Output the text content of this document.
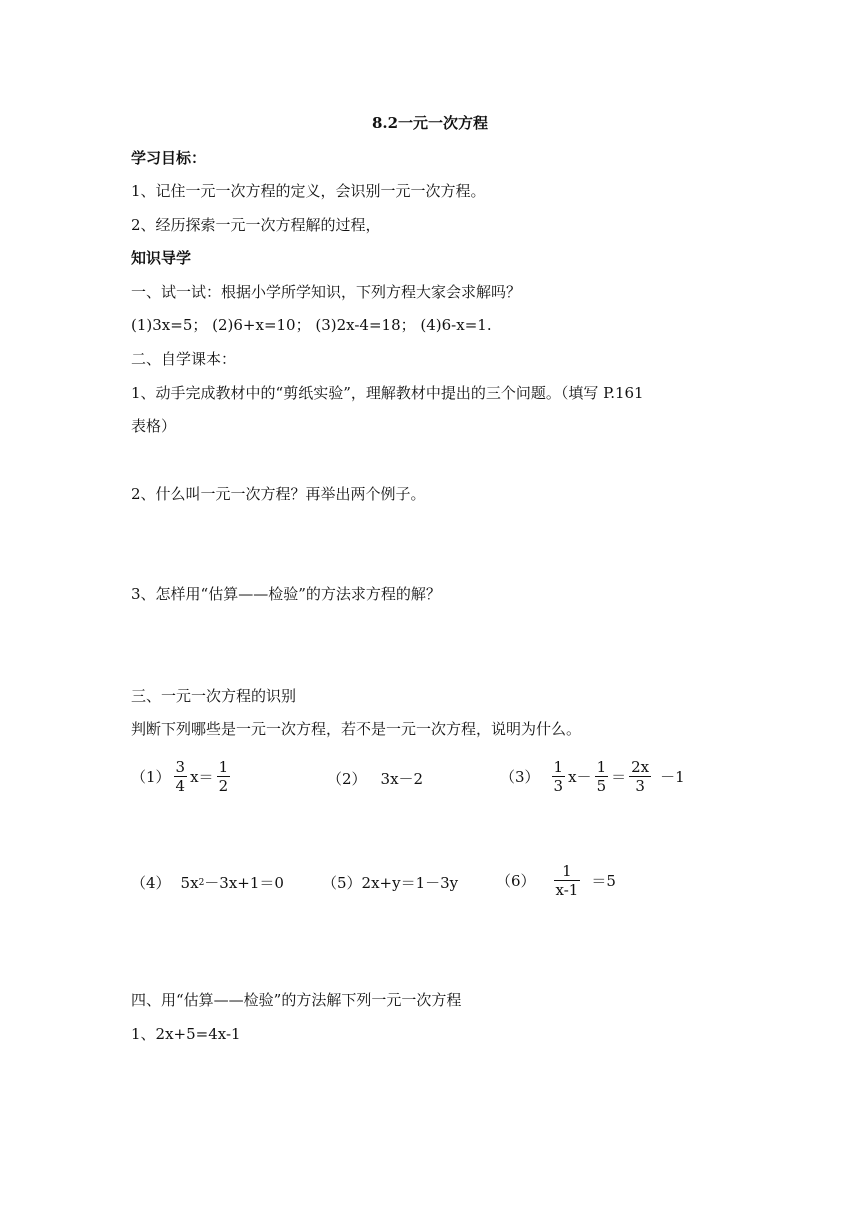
8.2一元一次方程
学习目标：
1、记住一元一次方程的定义，会识别一元一次方程。
2、经历探索一元一次方程解的过程，
知识导学
一、试一试：根据小学所学知识，下列方程大家会求解吗？
(1)3x=5； (2)6+x=10； (3)2x-4=18； (4)6-x=1.
二、自学课本：
1、动手完成教材中的“剪纸实验”，理解教材中提出的三个问题。（填写 P.161
表格）
2、什么叫一元一次方程？再举出两个例子。
3、怎样用“估算——检验”的方法求方程的解？
三、一元一次方程的识别
判断下列哪些是一元一次方程，若不是一元一次方程，说明为什么。
$(1) \frac{3}{4} x= \frac{1}{2}$	（2） 3x－2	$(3) \frac{1}{3} x- \frac{1}{5} = \frac{2x}{3} -1$
（4） 5x 2 －3x+1＝0	（5） 2x+y＝1－3y	$(6) \frac{1}{x-1} =5$
四、用“估算——检验”的方法解下列一元一次方程
1、2x+5=4x-1
